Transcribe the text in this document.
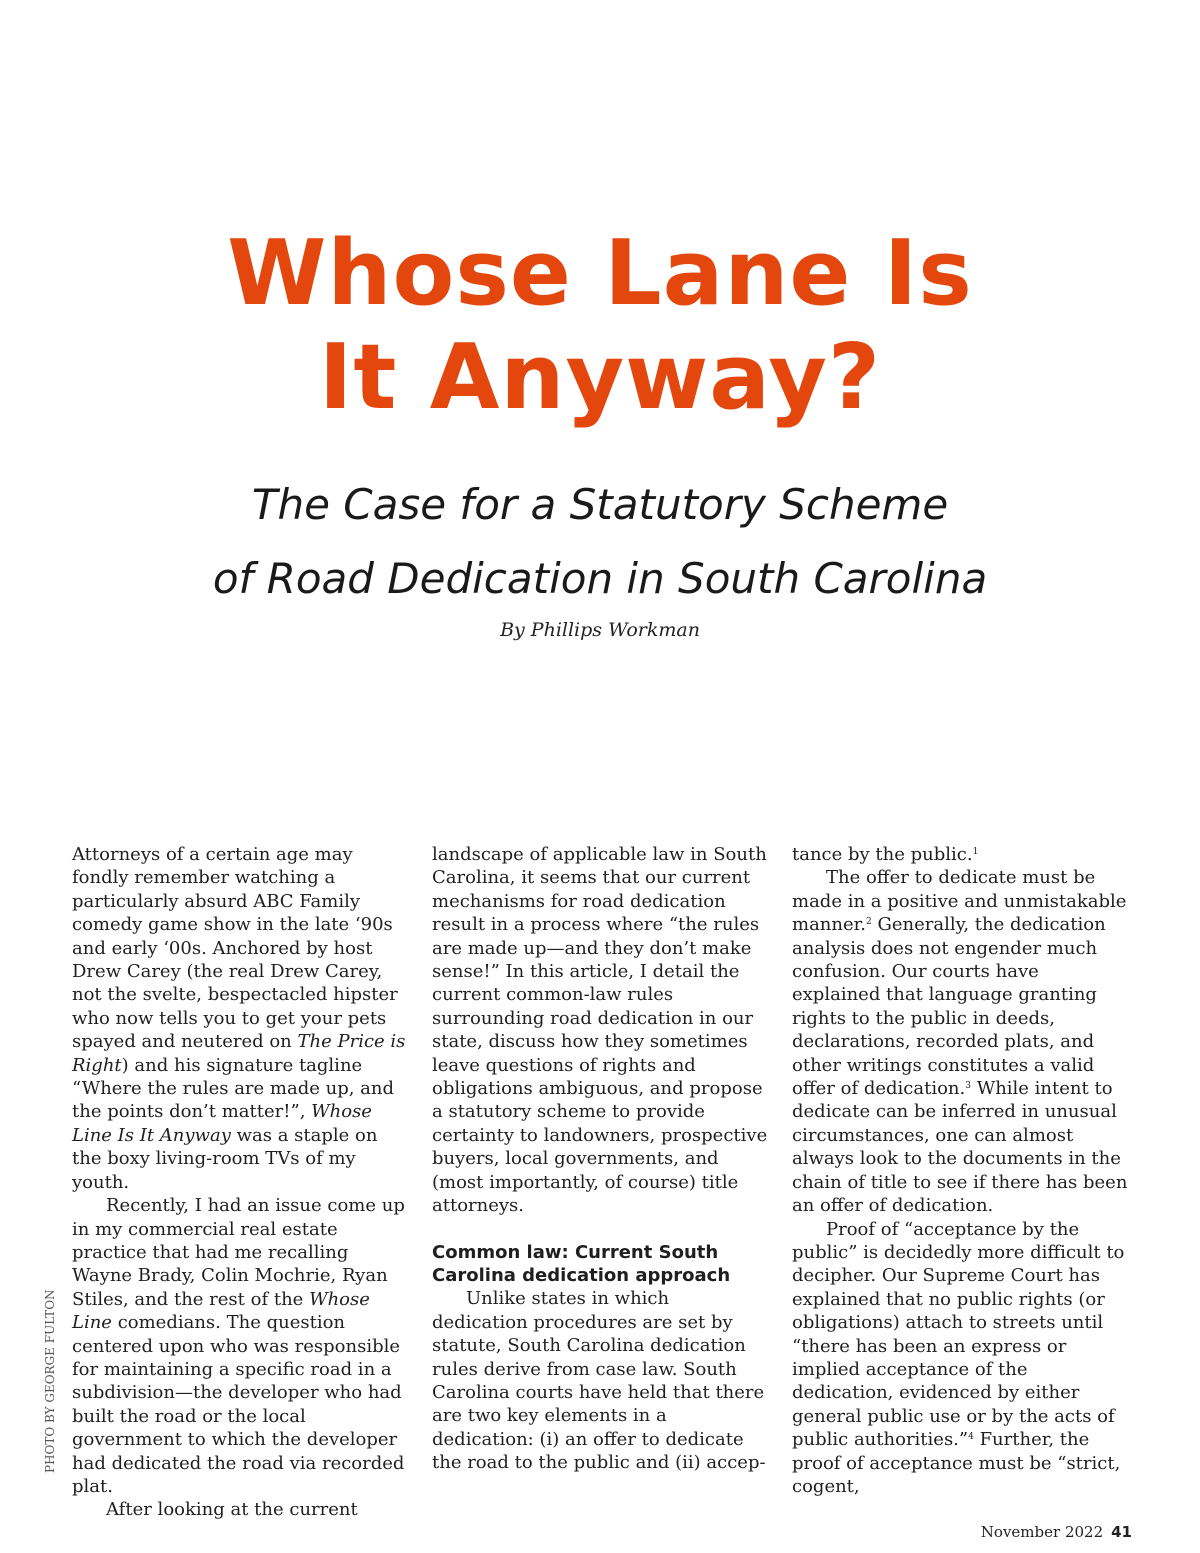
Whose Lane Is
It Anyway?
The Case for a Statutory Scheme
of Road Dedication in South Carolina
By Phillips Workman

Attorneys of a certain age may fondly remember watching a particularly absurd ABC Family comedy game show in the late ‘90s and early ‘00s. Anchored by host Drew Carey (the real Drew Carey, not the svelte, bespectacled hipster who now tells you to get your pets spayed and neutered on The Price is Right) and his signature tagline “Where the rules are made up, and the points don’t matter!”, Whose Line Is It Anyway was a staple on the boxy living-room TVs of my youth.

Recently, I had an issue come up in my commercial real estate practice that had me recalling Wayne Brady, Colin Mochrie, Ryan Stiles, and the rest of the Whose Line comedians. The question centered upon who was responsible for maintaining a specific road in a subdivision—the developer who had built the road or the local government to which the developer had dedicated the road via recorded plat.

After looking at the current

landscape of applicable law in South Carolina, it seems that our current mechanisms for road dedication result in a process where “the rules are made up—and they don’t make sense!” In this article, I detail the current common-law rules surrounding road dedication in our state, discuss how they sometimes leave questions of rights and obligations ambiguous, and propose a statutory scheme to provide certainty to landowners, prospective buyers, local governments, and (most importantly, of course) title attorneys.

Common law: Current South Carolina dedication approach

Unlike states in which dedication procedures are set by statute, South Carolina dedication rules derive from case law. South Carolina courts have held that there are two key elements in a dedication: (i) an offer to dedicate the road to the public and (ii) accep-

tance by the public.$^1$

The offer to dedicate must be made in a positive and unmistakable manner.$^2$ Generally, the dedication analysis does not engender much confusion. Our courts have explained that language granting rights to the public in deeds, declarations, recorded plats, and other writings constitutes a valid offer of dedication.$^3$ While intent to dedicate can be inferred in unusual circumstances, one can almost always look to the documents in the chain of title to see if there has been an offer of dedication.

Proof of “acceptance by the public” is decidedly more difficult to decipher. Our Supreme Court has explained that no public rights (or obligations) attach to streets until “there has been an express or implied acceptance of the dedication, evidenced by either general public use or by the acts of public authorities.”$^4$ Further, the proof of acceptance must be “strict, cogent,

PHOTO BY GEORGE FULTON
November 2022 41
